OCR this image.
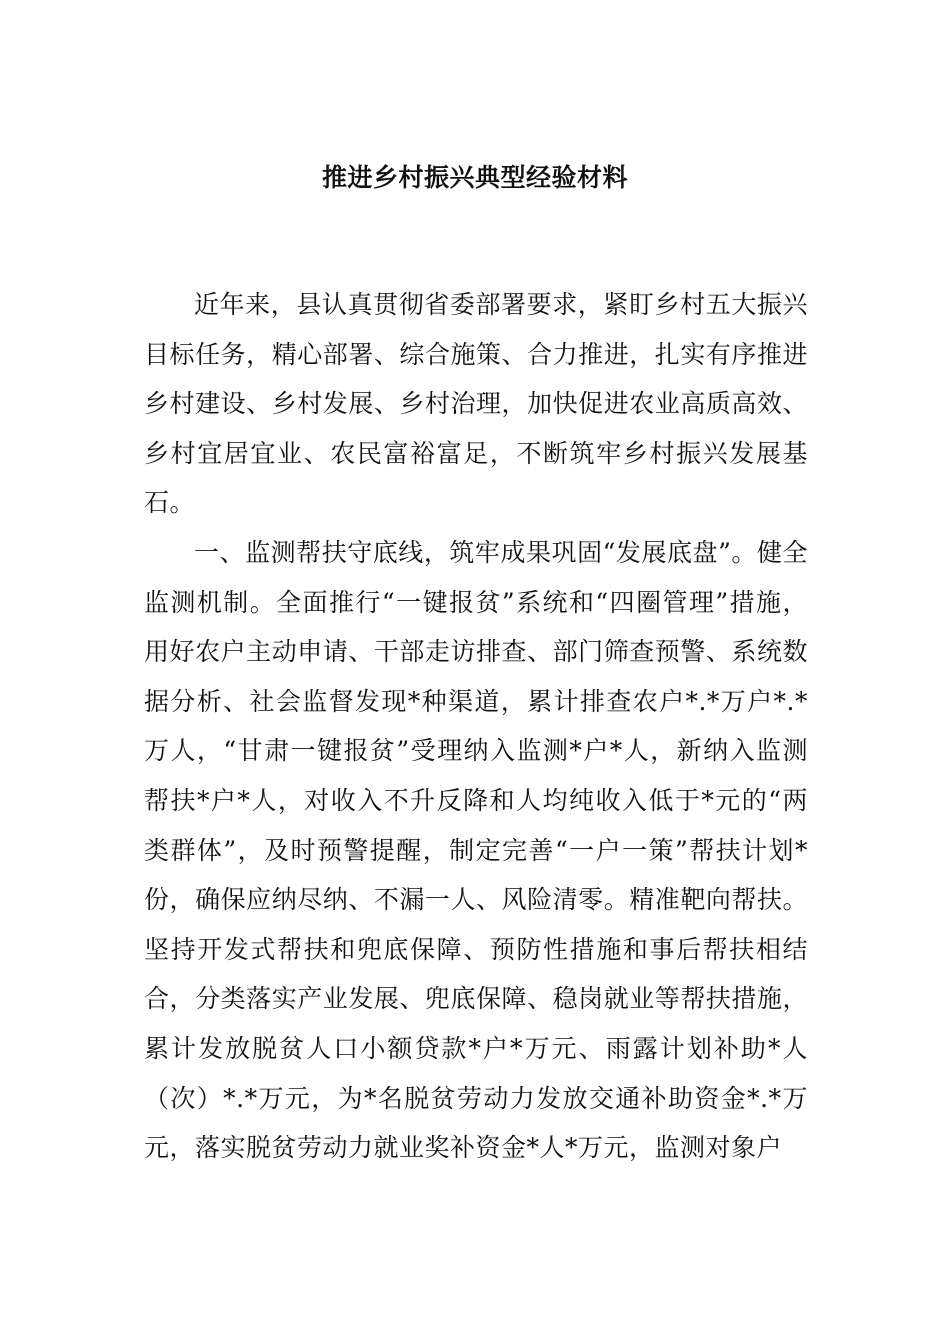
推进乡村振兴典型经验材料

近年来，县认真贯彻省委部署要求，紧盯乡村五大振兴目标任务，精心部署、综合施策、合力推进，扎实有序推进乡村建设、乡村发展、乡村治理，加快促进农业高质高效、乡村宜居宜业、农民富裕富足，不断筑牢乡村振兴发展基石。

一、监测帮扶守底线，筑牢成果巩固“发展底盘”。健全监测机制。全面推行“一键报贫”系统和“四圈管理”措施，用好农户主动申请、干部走访排查、部门筛查预警、系统数据分析、社会监督发现*种渠道，累计排查农户*.*万户*.*万人，“甘肃一键报贫”受理纳入监测*户*人，新纳入监测帮扶*户*人，对收入不升反降和人均纯收入低于*元的“两类群体”，及时预警提醒，制定完善“一户一策”帮扶计划*份，确保应纳尽纳、不漏一人、风险清零。精准靶向帮扶。坚持开发式帮扶和兜底保障、预防性措施和事后帮扶相结合，分类落实产业发展、兜底保障、稳岗就业等帮扶措施，累计发放脱贫人口小额贷款*户*万元、雨露计划补助*人（次）*.*万元，为*名脱贫劳动力发放交通补助资金*.*万元，落实脱贫劳动力就业奖补资金*人*万元，监测对象户
